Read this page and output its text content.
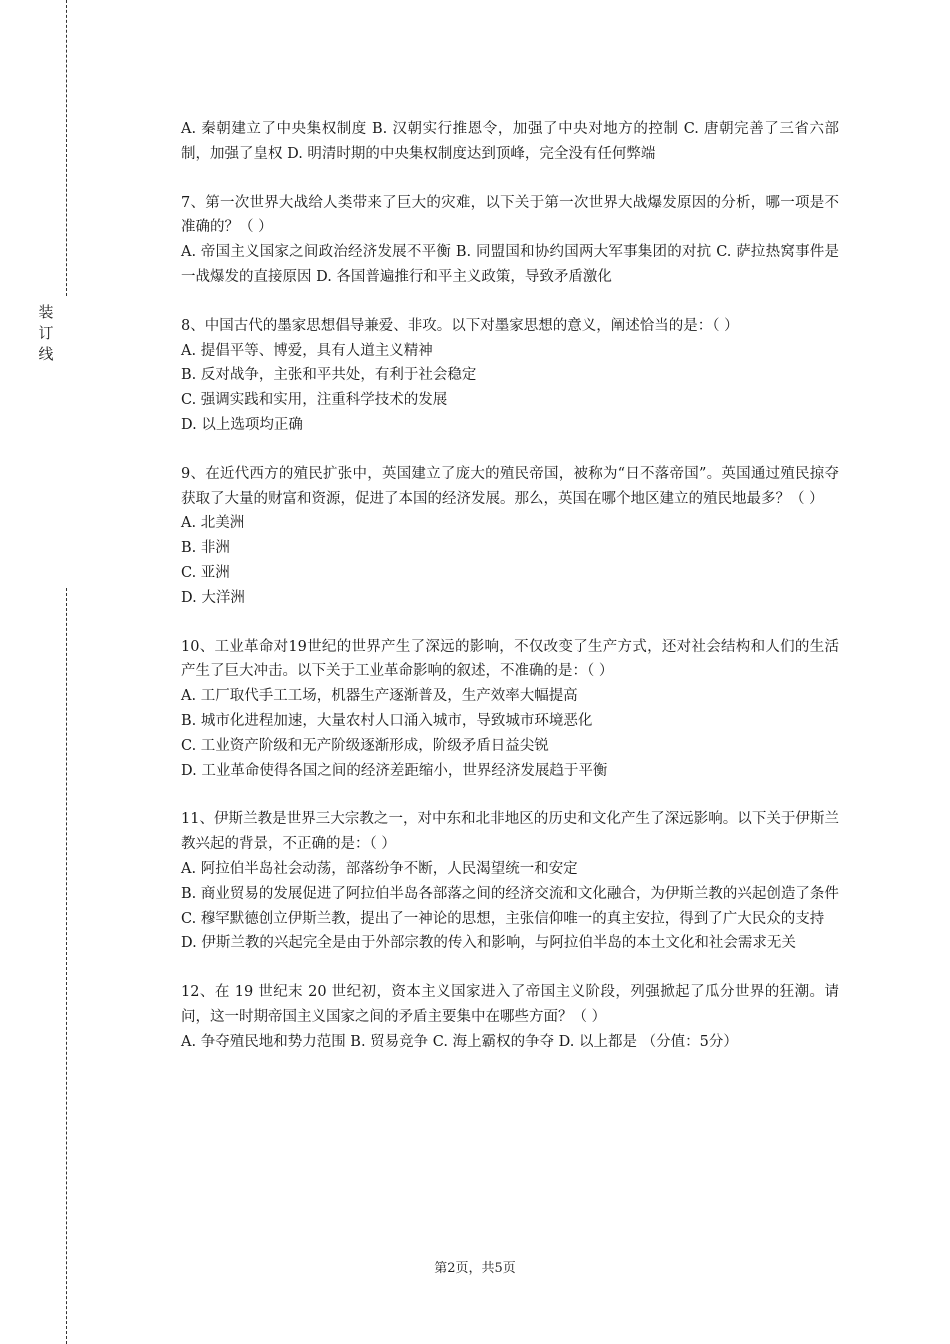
装订线

A. 秦朝建立了中央集权制度 B. 汉朝实行推恩令，加强了中央对地方的控制 C. 唐朝完善了三省六部制，加强了皇权 D. 明清时期的中央集权制度达到顶峰，完全没有任何弊端

7、第一次世界大战给人类带来了巨大的灾难，以下关于第一次世界大战爆发原因的分析，哪一项是不准确的？（ ）

A. 帝国主义国家之间政治经济发展不平衡 B. 同盟国和协约国两大军事集团的对抗 C. 萨拉热窝事件是一战爆发的直接原因 D. 各国普遍推行和平主义政策，导致矛盾激化

8、中国古代的墨家思想倡导兼爱、非攻。以下对墨家思想的意义，阐述恰当的是：（ ）

A. 提倡平等、博爱，具有人道主义精神

B. 反对战争，主张和平共处，有利于社会稳定

C. 强调实践和实用，注重科学技术的发展

D. 以上选项均正确

9、在近代西方的殖民扩张中，英国建立了庞大的殖民帝国，被称为“日不落帝国”。英国通过殖民掠夺获取了大量的财富和资源，促进了本国的经济发展。那么，英国在哪个地区建立的殖民地最多？（ ）

A. 北美洲

B. 非洲

C. 亚洲

D. 大洋洲

10、工业革命对19世纪的世界产生了深远的影响，不仅改变了生产方式，还对社会结构和人们的生活产生了巨大冲击。以下关于工业革命影响的叙述，不准确的是：（ ）

A. 工厂取代手工工场，机器生产逐渐普及，生产效率大幅提高

B. 城市化进程加速，大量农村人口涌入城市，导致城市环境恶化

C. 工业资产阶级和无产阶级逐渐形成，阶级矛盾日益尖锐

D. 工业革命使得各国之间的经济差距缩小，世界经济发展趋于平衡

11、伊斯兰教是世界三大宗教之一，对中东和北非地区的历史和文化产生了深远影响。以下关于伊斯兰教兴起的背景，不正确的是：（ ）

A. 阿拉伯半岛社会动荡，部落纷争不断，人民渴望统一和安定

B. 商业贸易的发展促进了阿拉伯半岛各部落之间的经济交流和文化融合，为伊斯兰教的兴起创造了条件

C. 穆罕默德创立伊斯兰教，提出了一神论的思想，主张信仰唯一的真主安拉，得到了广大民众的支持

D. 伊斯兰教的兴起完全是由于外部宗教的传入和影响，与阿拉伯半岛的本土文化和社会需求无关

12、在 19 世纪末 20 世纪初，资本主义国家进入了帝国主义阶段，列强掀起了瓜分世界的狂潮。请问，这一时期帝国主义国家之间的矛盾主要集中在哪些方面？（ ）

A. 争夺殖民地和势力范围 B. 贸易竞争 C. 海上霸权的争夺 D. 以上都是 （分值：5分）

第2页，共5页
